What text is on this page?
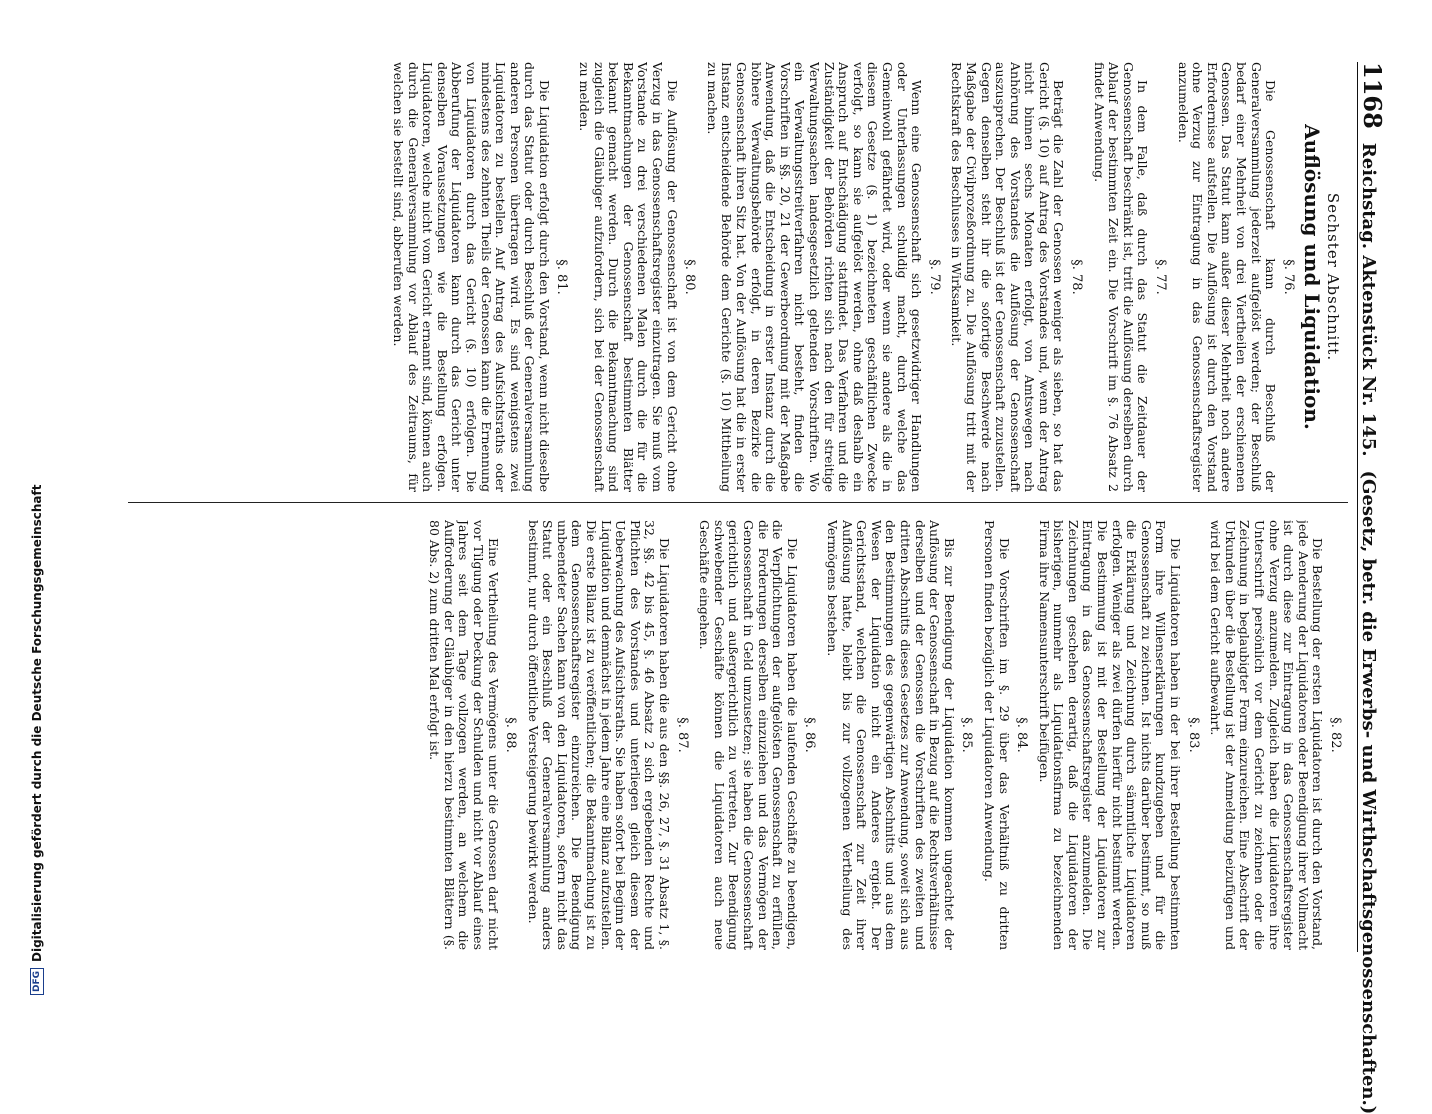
DFG
Digitalisierung gefördert durch die Deutsche Forschungsgemeinschaft
1168
Reichstag. Aktenstück Nr. 145.
(Gesetz, betr. die Erwerbs- und Wirthschaftsgenossenschaften.)
Sechster Abschnitt.
Auflösung und Liquidation.
§. 76.

Die Genossenschaft kann durch Beschluß der Generalversammlung jederzeit aufgelöst werden; der Beschluß bedarf einer Mehrheit von drei Viertheilen der erschienenen Genossen. Das Statut kann außer dieser Mehrheit noch andere Erfordernisse aufstellen. Die Auflösung ist durch den Vorstand ohne Verzug zur Eintragung in das Genossenschaftsregister anzumelden.

§. 77.

In dem Falle, daß durch das Statut die Zeitdauer der Genossenschaft beschränkt ist, tritt die Auflösung derselben durch Ablauf der bestimmten Zeit ein. Die Vorschrift im §. 76 Absatz 2 findet Anwendung.

§. 78.

Beträgt die Zahl der Genossen weniger als sieben, so hat das Gericht (§. 10) auf Antrag des Vorstandes und, wenn der Antrag nicht binnen sechs Monaten erfolgt, von Amtswegen nach Anhörung des Vorstandes die Auflösung der Genossenschaft auszusprechen. Der Beschluß ist der Genossenschaft zuzustellen. Gegen denselben steht ihr die sofortige Beschwerde nach Maßgabe der Civilprozeßordnung zu. Die Auflösung tritt mit der Rechtskraft des Beschlusses in Wirksamkeit.

§. 79.

Wenn eine Genossenschaft sich gesetzwidriger Handlungen oder Unterlassungen schuldig macht, durch welche das Gemeinwohl gefährdet wird, oder wenn sie andere als die in diesem Gesetze (§. 1) bezeichneten geschäftlichen Zwecke verfolgt, so kann sie aufgelöst werden, ohne daß deshalb ein Anspruch auf Entschädigung stattfindet. Das Verfahren und die Zuständigkeit der Behörden richten sich nach den für streitige Verwaltungssachen landesgesetzlich geltenden Vorschriften. Wo ein Verwaltungsstreitverfahren nicht besteht, finden die Vorschriften in §§. 20, 21 der Gewerbeordnung mit der Maßgabe Anwendung, daß die Entscheidung in erster Instanz durch die höhere Verwaltungsbehörde erfolgt, in deren Bezirke die Genossenschaft ihren Sitz hat. Von der Auflösung hat die in erster Instanz entscheidende Behörde dem Gerichte (§. 10) Mittheilung zu machen.

§. 80.

Die Auflösung der Genossenschaft ist von dem Gericht ohne Verzug in das Genossenschaftsregister einzutragen. Sie muß vom Vorstande zu drei verschiedenen Malen durch die für die Bekanntmachungen der Genossenschaft bestimmten Blätter bekannt gemacht werden. Durch die Bekanntmachung sind zugleich die Gläubiger aufzufordern, sich bei der Genossenschaft zu melden.

§. 81.

Die Liquidation erfolgt durch den Vorstand, wenn nicht dieselbe durch das Statut oder durch Beschluß der Generalversammlung anderen Personen übertragen wird. Es sind wenigstens zwei Liquidatoren zu bestellen. Auf Antrag des Aufsichtsraths oder mindestens des zehnten Theils der Genossen kann die Ernennung von Liquidatoren durch das Gericht (§. 10) erfolgen. Die Abberufung der Liquidatoren kann durch das Gericht unter denselben Voraussetzungen wie die Bestellung erfolgen. Liquidatoren, welche nicht vom Gericht ernannt sind, können auch durch die Generalversammlung vor Ablauf des Zeitraums, für welchen sie bestellt sind, abberufen werden.

§. 82.

Die Bestellung der ersten Liquidatoren ist durch den Vorstand, jede Aenderung der Liquidatoren oder Beendigung ihrer Vollmacht ist durch diese zur Eintragung in das Genossenschaftsregister ohne Verzug anzumelden. Zugleich haben die Liquidatoren ihre Unterschrift persönlich vor dem Gericht zu zeichnen oder die Zeichnung in beglaubigter Form einzureichen. Eine Abschrift der Urkunden über die Bestellung ist der Anmeldung beizufügen und wird bei dem Gericht aufbewahrt.

§. 83.

Die Liquidatoren haben in der bei ihrer Bestellung bestimmten Form ihre Willenserklärungen kundzugeben und für die Genossenschaft zu zeichnen. Ist nichts darüber bestimmt, so muß die Erklärung und Zeichnung durch sämmtliche Liquidatoren erfolgen. Weniger als zwei dürfen hierfür nicht bestimmt werden. Die Bestimmung ist mit der Bestellung der Liquidatoren zur Eintragung in das Genossenschaftsregister anzumelden. Die Zeichnungen geschehen derartig, daß die Liquidatoren der bisherigen, nunmehr als Liquidationsfirma zu bezeichnenden Firma ihre Namensunterschrift beifügen.

§. 84.

Die Vorschriften im §. 29 über das Verhältniß zu dritten Personen finden bezüglich der Liquidatoren Anwendung.

§. 85.

Bis zur Beendigung der Liquidation kommen ungeachtet der Auflösung der Genossenschaft in Bezug auf die Rechtsverhältnisse derselben und der Genossen die Vorschriften des zweiten und dritten Abschnitts dieses Gesetzes zur Anwendung, soweit sich aus den Bestimmungen des gegenwärtigen Abschnitts und aus dem Wesen der Liquidation nicht ein Anderes ergiebt. Der Gerichtsstand, welchen die Genossenschaft zur Zeit ihrer Auflösung hatte, bleibt bis zur vollzogenen Vertheilung des Vermögens bestehen.

§. 86.

Die Liquidatoren haben die laufenden Geschäfte zu beendigen, die Verpflichtungen der aufgelösten Genossenschaft zu erfüllen, die Forderungen derselben einzuziehen und das Vermögen der Genossenschaft in Geld umzusetzen; sie haben die Genossenschaft gerichtlich und außergerichtlich zu vertreten. Zur Beendigung schwebender Geschäfte können die Liquidatoren auch neue Geschäfte eingehen.

§. 87.

Die Liquidatoren haben die aus den §§. 26, 27, §. 31 Absatz 1, §. 32, §§. 42 bis 45, §. 46 Absatz 2 sich ergebenden Rechte und Pflichten des Vorstandes und unterliegen gleich diesem der Ueberwachung des Aufsichtsraths. Sie haben sofort bei Beginn der Liquidation und demnächst in jedem Jahre eine Bilanz aufzustellen. Die erste Bilanz ist zu veröffentlichen; die Bekanntmachung ist zu dem Genossenschaftsregister einzureichen. Die Beendigung unbeendeter Sachen kann von den Liquidatoren, sofern nicht das Statut oder ein Beschluß der Generalversammlung anders bestimmt, nur durch öffentliche Versteigerung bewirkt werden.

§. 88.

Eine Vertheilung des Vermögens unter die Genossen darf nicht vor Tilgung oder Deckung der Schulden und nicht vor Ablauf eines Jahres seit dem Tage vollzogen werden, an welchem die Aufforderung der Gläubiger in den hierzu bestimmten Blättern (§. 80 Abs. 2) zum dritten Mal erfolgt ist.
